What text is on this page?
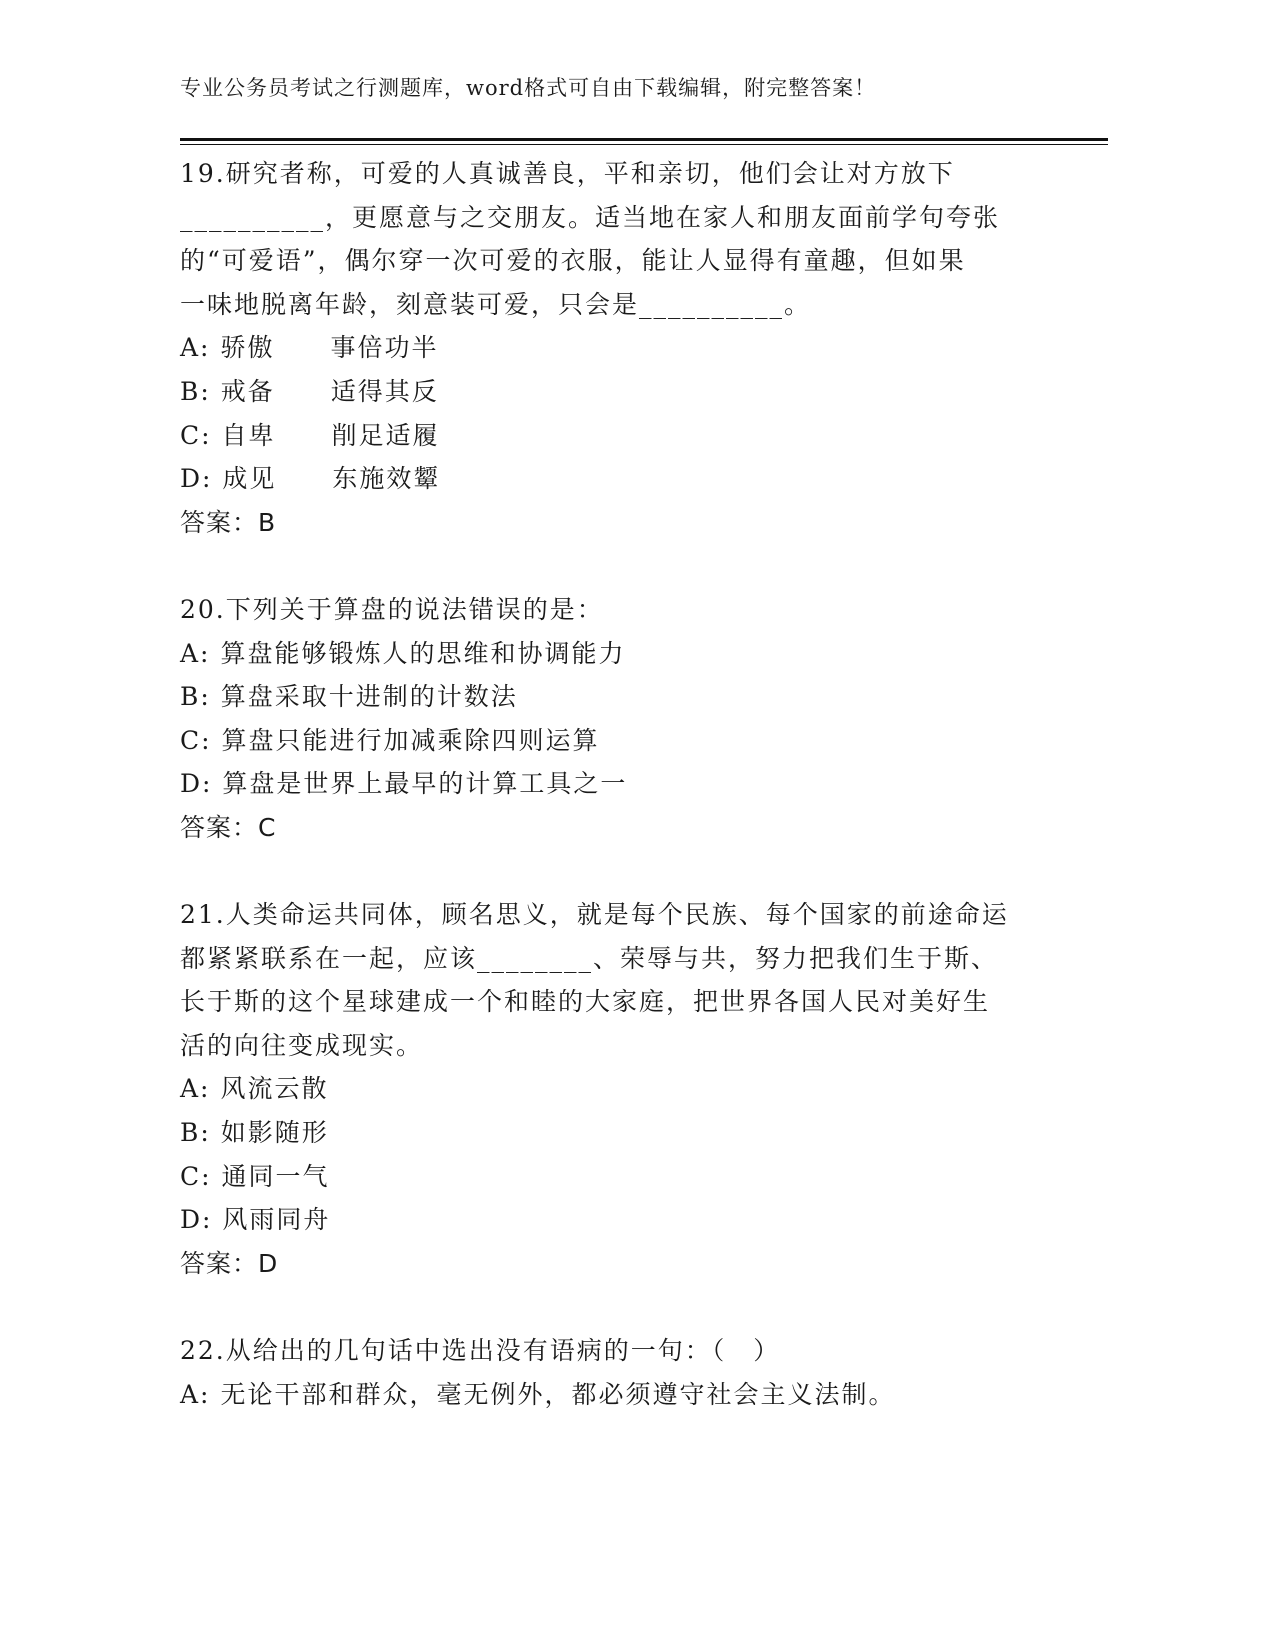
专业公务员考试之行测题库，word格式可自由下载编辑，附完整答案！
19.研究者称，可爱的人真诚善良，平和亲切，他们会让对方放下
__________，更愿意与之交朋友。适当地在家人和朋友面前学句夸张
的“可爱语”，偶尔穿一次可爱的衣服，能让人显得有童趣，但如果
一味地脱离年龄，刻意装可爱，只会是__________。
A: 骄傲 事倍功半
B: 戒备 适得其反
C: 自卑 削足适履
D: 成见 东施效颦
答案：B
20.下列关于算盘的说法错误的是：
A: 算盘能够锻炼人的思维和协调能力
B: 算盘采取十进制的计数法
C: 算盘只能进行加减乘除四则运算
D: 算盘是世界上最早的计算工具之一
答案：C
21.人类命运共同体，顾名思义，就是每个民族、每个国家的前途命运
都紧紧联系在一起，应该________、荣辱与共，努力把我们生于斯、
长于斯的这个星球建成一个和睦的大家庭，把世界各国人民对美好生
活的向往变成现实。
A: 风流云散
B: 如影随形
C: 通同一气
D: 风雨同舟
答案：D
22.从给出的几句话中选出没有语病的一句：（　）
A: 无论干部和群众，毫无例外，都必须遵守社会主义法制。
